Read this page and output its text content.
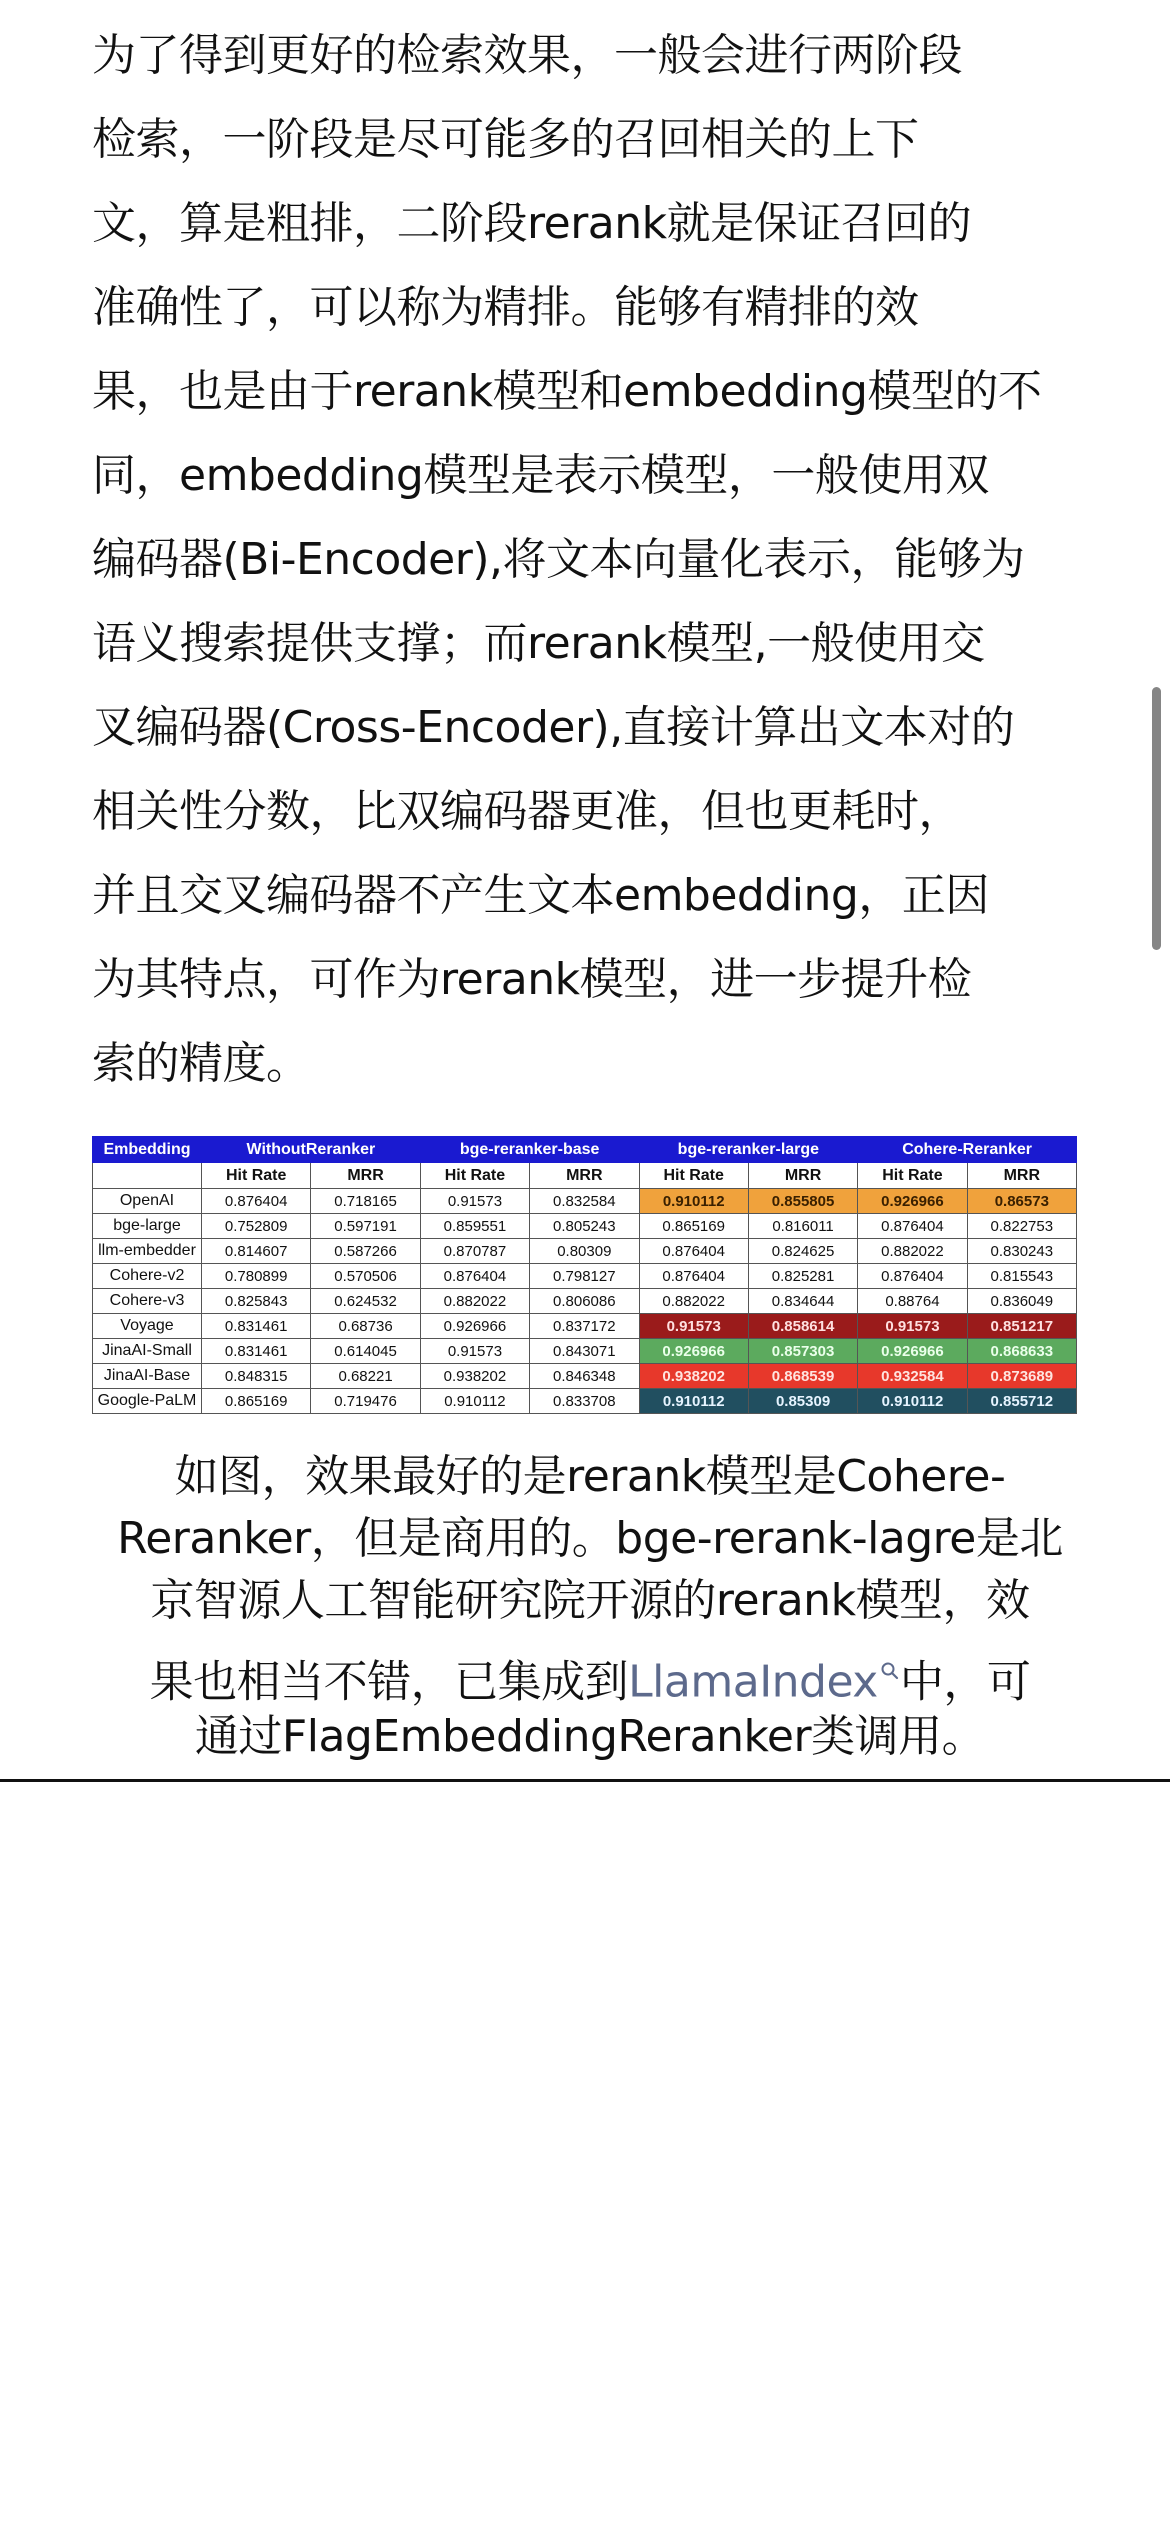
为了得到更好的检索效果，一般会进行两阶段
检索，一阶段是尽可能多的召回相关的上下
文，算是粗排，二阶段rerank就是保证召回的
准确性了，可以称为精排。能够有精排的效
果，也是由于rerank模型和embedding模型的不
同，embedding模型是表示模型，一般使用双
编码器(Bi-Encoder),将文本向量化表示，能够为
语义搜索提供支撑；而rerank模型,一般使用交
叉编码器(Cross-Encoder),直接计算出文本对的
相关性分数，比双编码器更准，但也更耗时，
并且交叉编码器不产生文本embedding，正因
为其特点，可作为rerank模型，进一步提升检
索的精度。
Embedding	WithoutReranker		bge-reranker-base		bge-reranker-large		Cohere-Reranker	
	Hit Rate	MRR	Hit Rate	MRR	Hit Rate	MRR	Hit Rate	MRR
OpenAI	0.876404	0.718165	0.91573	0.832584	0.910112	0.855805	0.926966	0.86573
bge-large	0.752809	0.597191	0.859551	0.805243	0.865169	0.816011	0.876404	0.822753
llm-embedder	0.814607	0.587266	0.870787	0.80309	0.876404	0.824625	0.882022	0.830243
Cohere-v2	0.780899	0.570506	0.876404	0.798127	0.876404	0.825281	0.876404	0.815543
Cohere-v3	0.825843	0.624532	0.882022	0.806086	0.882022	0.834644	0.88764	0.836049
Voyage	0.831461	0.68736	0.926966	0.837172	0.91573	0.858614	0.91573	0.851217
JinaAI-Small	0.831461	0.614045	0.91573	0.843071	0.926966	0.857303	0.926966	0.868633
JinaAI-Base	0.848315	0.68221	0.938202	0.846348	0.938202	0.868539	0.932584	0.873689
Google-PaLM	0.865169	0.719476	0.910112	0.833708	0.910112	0.85309	0.910112	0.855712
◕‿◕ 公众号 · AI小数派报告
如图，效果最好的是rerank模型是Cohere-
Reranker，但是商用的。bge-rerank-lagre是北
京智源人工智能研究院开源的rerank模型，效
果也相当不错，已集成到LlamaIndex 中，可
通过FlagEmbeddingReranker类调用。
